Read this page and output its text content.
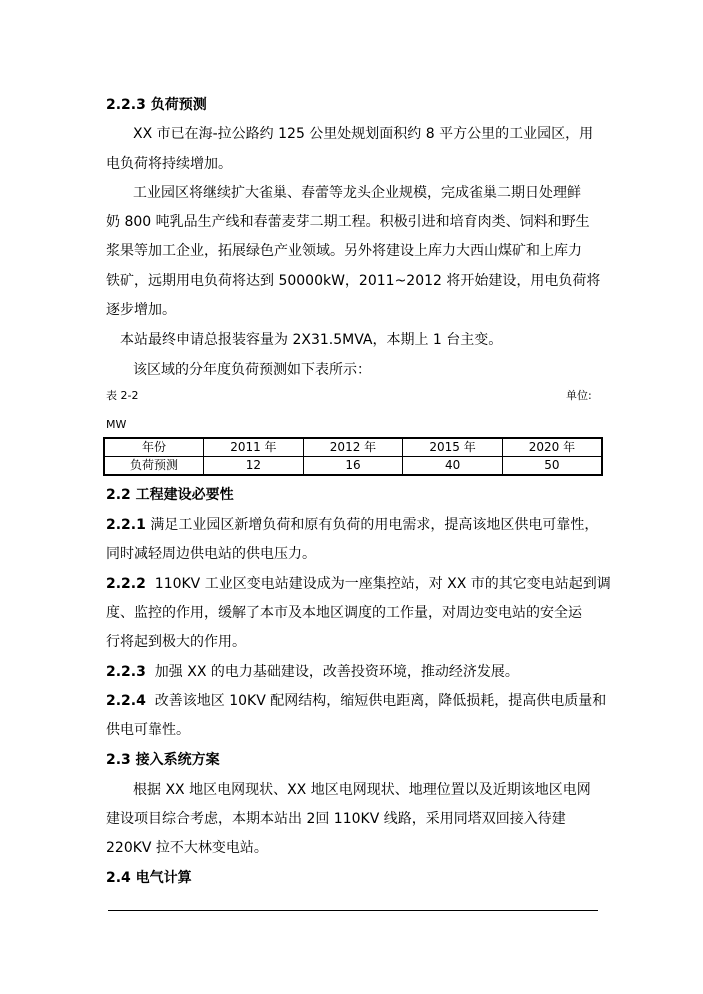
2.2.3 负荷预测
XX 市已在海-拉公路约 125 公里处规划面积约 8 平方公里的工业园区，用
电负荷将持续增加。
工业园区将继续扩大雀巢、春蕾等龙头企业规模，完成雀巢二期日处理鲜
奶 800 吨乳品生产线和春蕾麦芽二期工程。积极引进和培育肉类、饲料和野生
浆果等加工企业，拓展绿色产业领域。另外将建设上库力大西山煤矿和上库力
铁矿，远期用电负荷将达到 50000kW，2011~2012 将开始建设，用电负荷将
逐步增加。
本站最终申请总报装容量为 2X31.5MVA，本期上 1 台主变。
该区域的分年度负荷预测如下表所示：
表 2-2	单位:
MW
年份	2011 年	2012 年	2015 年	2020 年
负荷预测	12	16	40	50
2.2 工程建设必要性
2.2.1 满足工业园区新增负荷和原有负荷的用电需求，提高该地区供电可靠性，
同时减轻周边供电站的供电压力。
2.2.2 110KV 工业区变电站建设成为一座集控站，对 XX 市的其它变电站起到调
度、监控的作用，缓解了本市及本地区调度的工作量，对周边变电站的安全运
行将起到极大的作用。
2.2.3 加强 XX 的电力基础建设，改善投资环境，推动经济发展。
2.2.4 改善该地区 10KV 配网结构，缩短供电距离，降低损耗，提高供电质量和
供电可靠性。
2.3 接入系统方案
根据 XX 地区电网现状、XX 地区电网现状、地理位置以及近期该地区电网
建设项目综合考虑，本期本站出 2回 110KV 线路，采用同塔双回接入待建
220KV 拉不大林变电站。
2.4 电气计算
